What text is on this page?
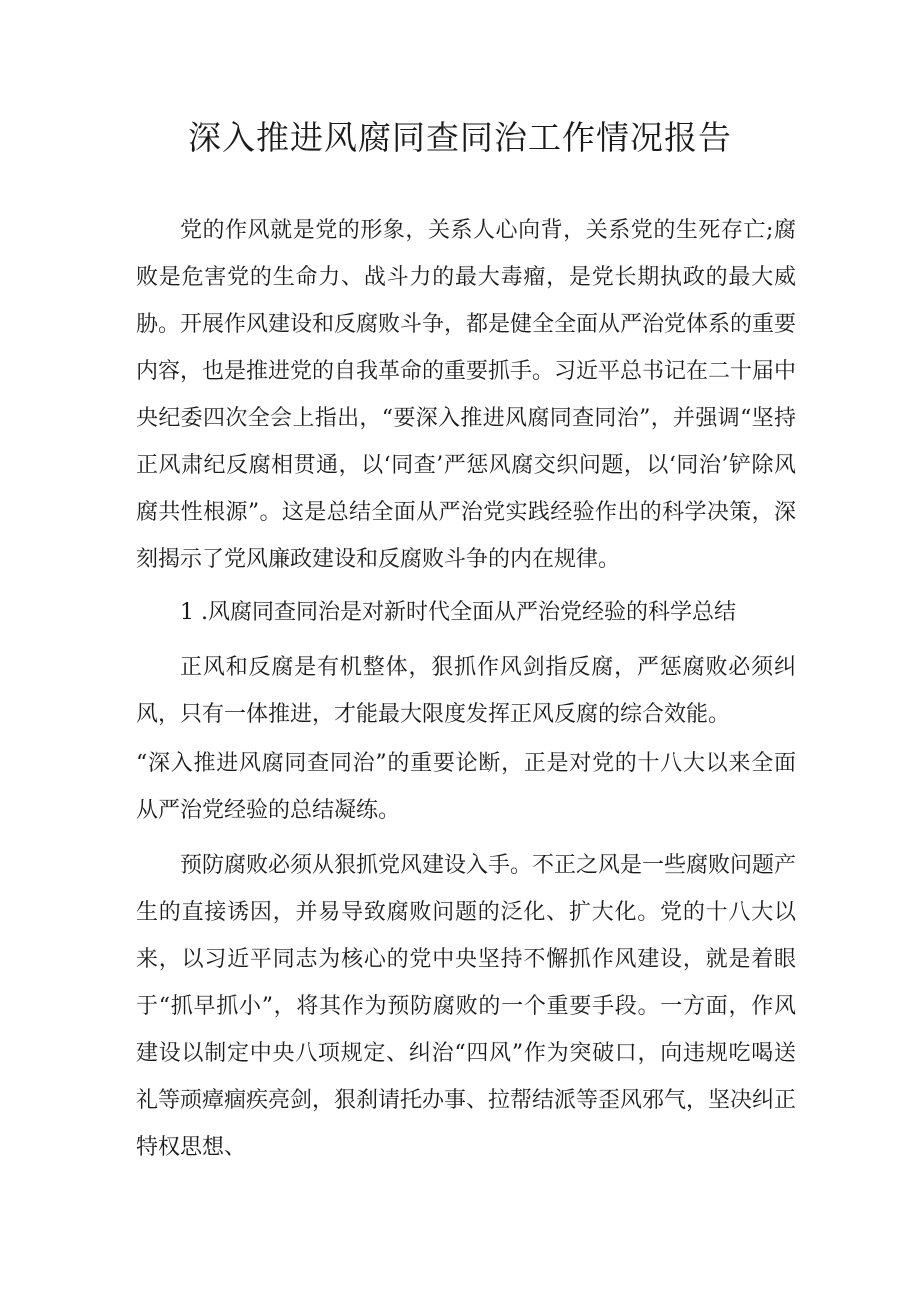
深入推进风腐同查同治工作情况报告

党的作风就是党的形象，关系人心向背，关系党的生死存亡;腐败是危害党的生命力、战斗力的最大毒瘤，是党长期执政的最大威胁。开展作风建设和反腐败斗争，都是健全全面从严治党体系的重要内容，也是推进党的自我革命的重要抓手。习近平总书记在二十届中央纪委四次全会上指出，“要深入推进风腐同查同治”，并强调“坚持正风肃纪反腐相贯通，以‘同查’严惩风腐交织问题，以‘同治’铲除风腐共性根源”。这是总结全面从严治党实践经验作出的科学决策，深刻揭示了党风廉政建设和反腐败斗争的内在规律。

1 .风腐同查同治是对新时代全面从严治党经验的科学总结

正风和反腐是有机整体，狠抓作风剑指反腐，严惩腐败必须纠风，只有一体推进，才能最大限度发挥正风反腐的综合效能。

“深入推进风腐同查同治”的重要论断，正是对党的十八大以来全面从严治党经验的总结凝练。

预防腐败必须从狠抓党风建设入手。不正之风是一些腐败问题产生的直接诱因，并易导致腐败问题的泛化、扩大化。党的十八大以来，以习近平同志为核心的党中央坚持不懈抓作风建设，就是着眼于“抓早抓小”，将其作为预防腐败的一个重要手段。一方面，作风建设以制定中央八项规定、纠治“四风”作为突破口，向违规吃喝送礼等顽瘴痼疾亮剑，狠刹请托办事、拉帮结派等歪风邪气，坚决纠正特权思想、
